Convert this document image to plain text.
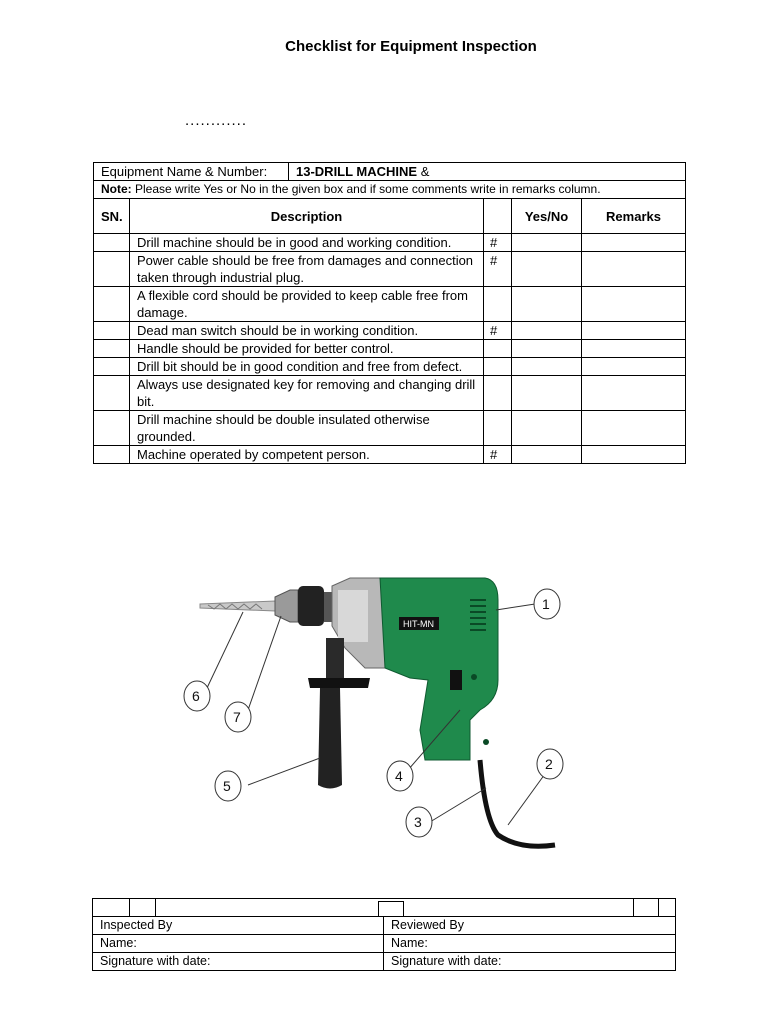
Checklist for Equipment Inspection
............
Equipment Name & Number: 13-DRILL MACHINE &				

Note: Please write Yes or No in the given box and if some comments write in remarks column.				
SN.	Description		Yes/No	Remarks
	Drill machine should be in good and working condition.	#		
	Power cable should be free from damages and connection taken through industrial plug.	#		
	A flexible cord should be provided to keep cable free from damage.			
	Dead man switch should be in working condition.	#		
	Handle should be provided for better control.			
	Drill bit should be in good condition and free from defect.			
	Always use designated key for removing and changing drill bit.			
	Drill machine should be double insulated otherwise grounded.			
	Machine operated by competent person.	#		
HIT-MN
1
2
3
4
5
6
7

Inspected By			Reviewed By		
Name:			Name:		
Signature with date:			Signature with date:		
